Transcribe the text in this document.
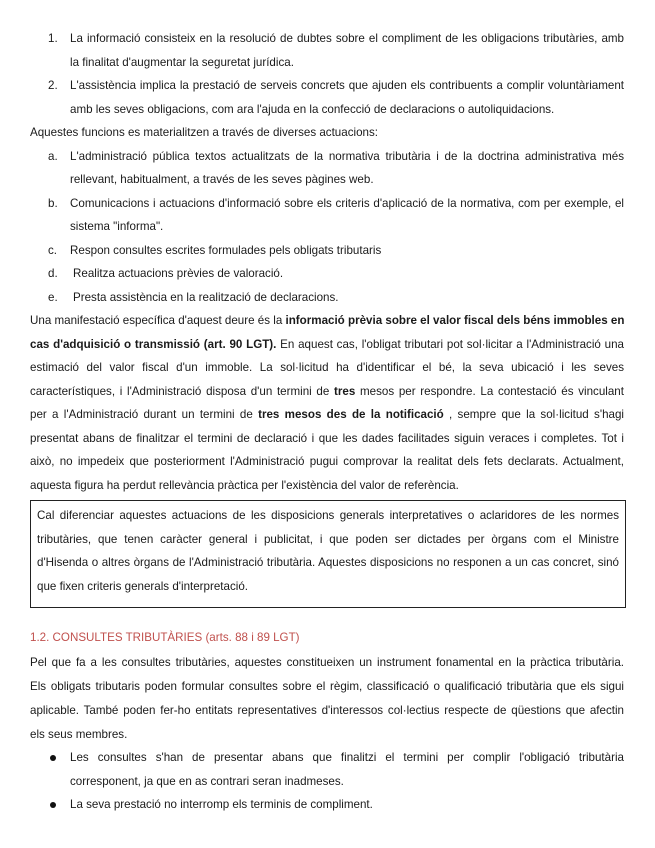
1. La informació consisteix en la resolució de dubtes sobre el compliment de les obligacions tributàries, amb
la finalitat d'augmentar la seguretat jurídica.
2. L'assistència implica la prestació de serveis concrets que ajuden els contribuents a complir voluntàriament
amb les seves obligacions, com ara l'ajuda en la confecció de declaracions o autoliquidacions.
Aquestes funcions es materialitzen a través de diverses actuacions:
a. L'administració pública textos actualitzats de la normativa tributària i de la doctrina administrativa més
rellevant, habitualment, a través de les seves pàgines web.
b. Comunicacions i actuacions d'informació sobre els criteris d'aplicació de la normativa, com per exemple, el
sistema "informa".
c. Respon consultes escrites formulades pels obligats tributaris
d. Realitza actuacions prèvies de valoració.
e. Presta assistència en la realització de declaracions.
Una manifestació específica d'aquest deure és la informació prèvia sobre el valor fiscal dels béns immobles en
cas d'adquisició o transmissió (art. 90 LGT). En aquest cas, l'obligat tributari pot sol·licitar a l'Administració una
estimació del valor fiscal d'un immoble. La sol·licitud ha d'identificar el bé, la seva ubicació i les seves
característiques, i l'Administració disposa d'un termini de tres mesos per respondre. La contestació és vinculant
per a l'Administració durant un termini de tres mesos des de la notificació , sempre que la sol·licitud s'hagi
presentat abans de finalitzar el termini de declaració i que les dades facilitades siguin veraces i completes. Tot i
això, no impedeix que posteriorment l'Administració pugui comprovar la realitat dels fets declarats. Actualment,
aquesta figura ha perdut rellevància pràctica per l'existència del valor de referència.
Cal diferenciar aquestes actuacions de les disposicions generals interpretatives o aclaridores de les normes
tributàries, que tenen caràcter general i publicitat, i que poden ser dictades per òrgans com el Ministre
d'Hisenda o altres òrgans de l'Administració tributària. Aquestes disposicions no responen a un cas concret, sinó
que fixen criteris generals d'interpretació.
1.2. CONSULTES TRIBUTÀRIES (arts. 88 i 89 LGT)
Pel que fa a les consultes tributàries, aquestes constitueixen un instrument fonamental en la pràctica tributària.
Els obligats tributaris poden formular consultes sobre el règim, classificació o qualificació tributària que els sigui
aplicable. També poden fer-ho entitats representatives d'interessos col·lectius respecte de qüestions que afectin
els seus membres.
Les consultes s'han de presentar abans que finalitzi el termini per complir l'obligació tributària
corresponent, ja que en as contrari seran inadmeses.
La seva prestació no interromp els terminis de compliment.
